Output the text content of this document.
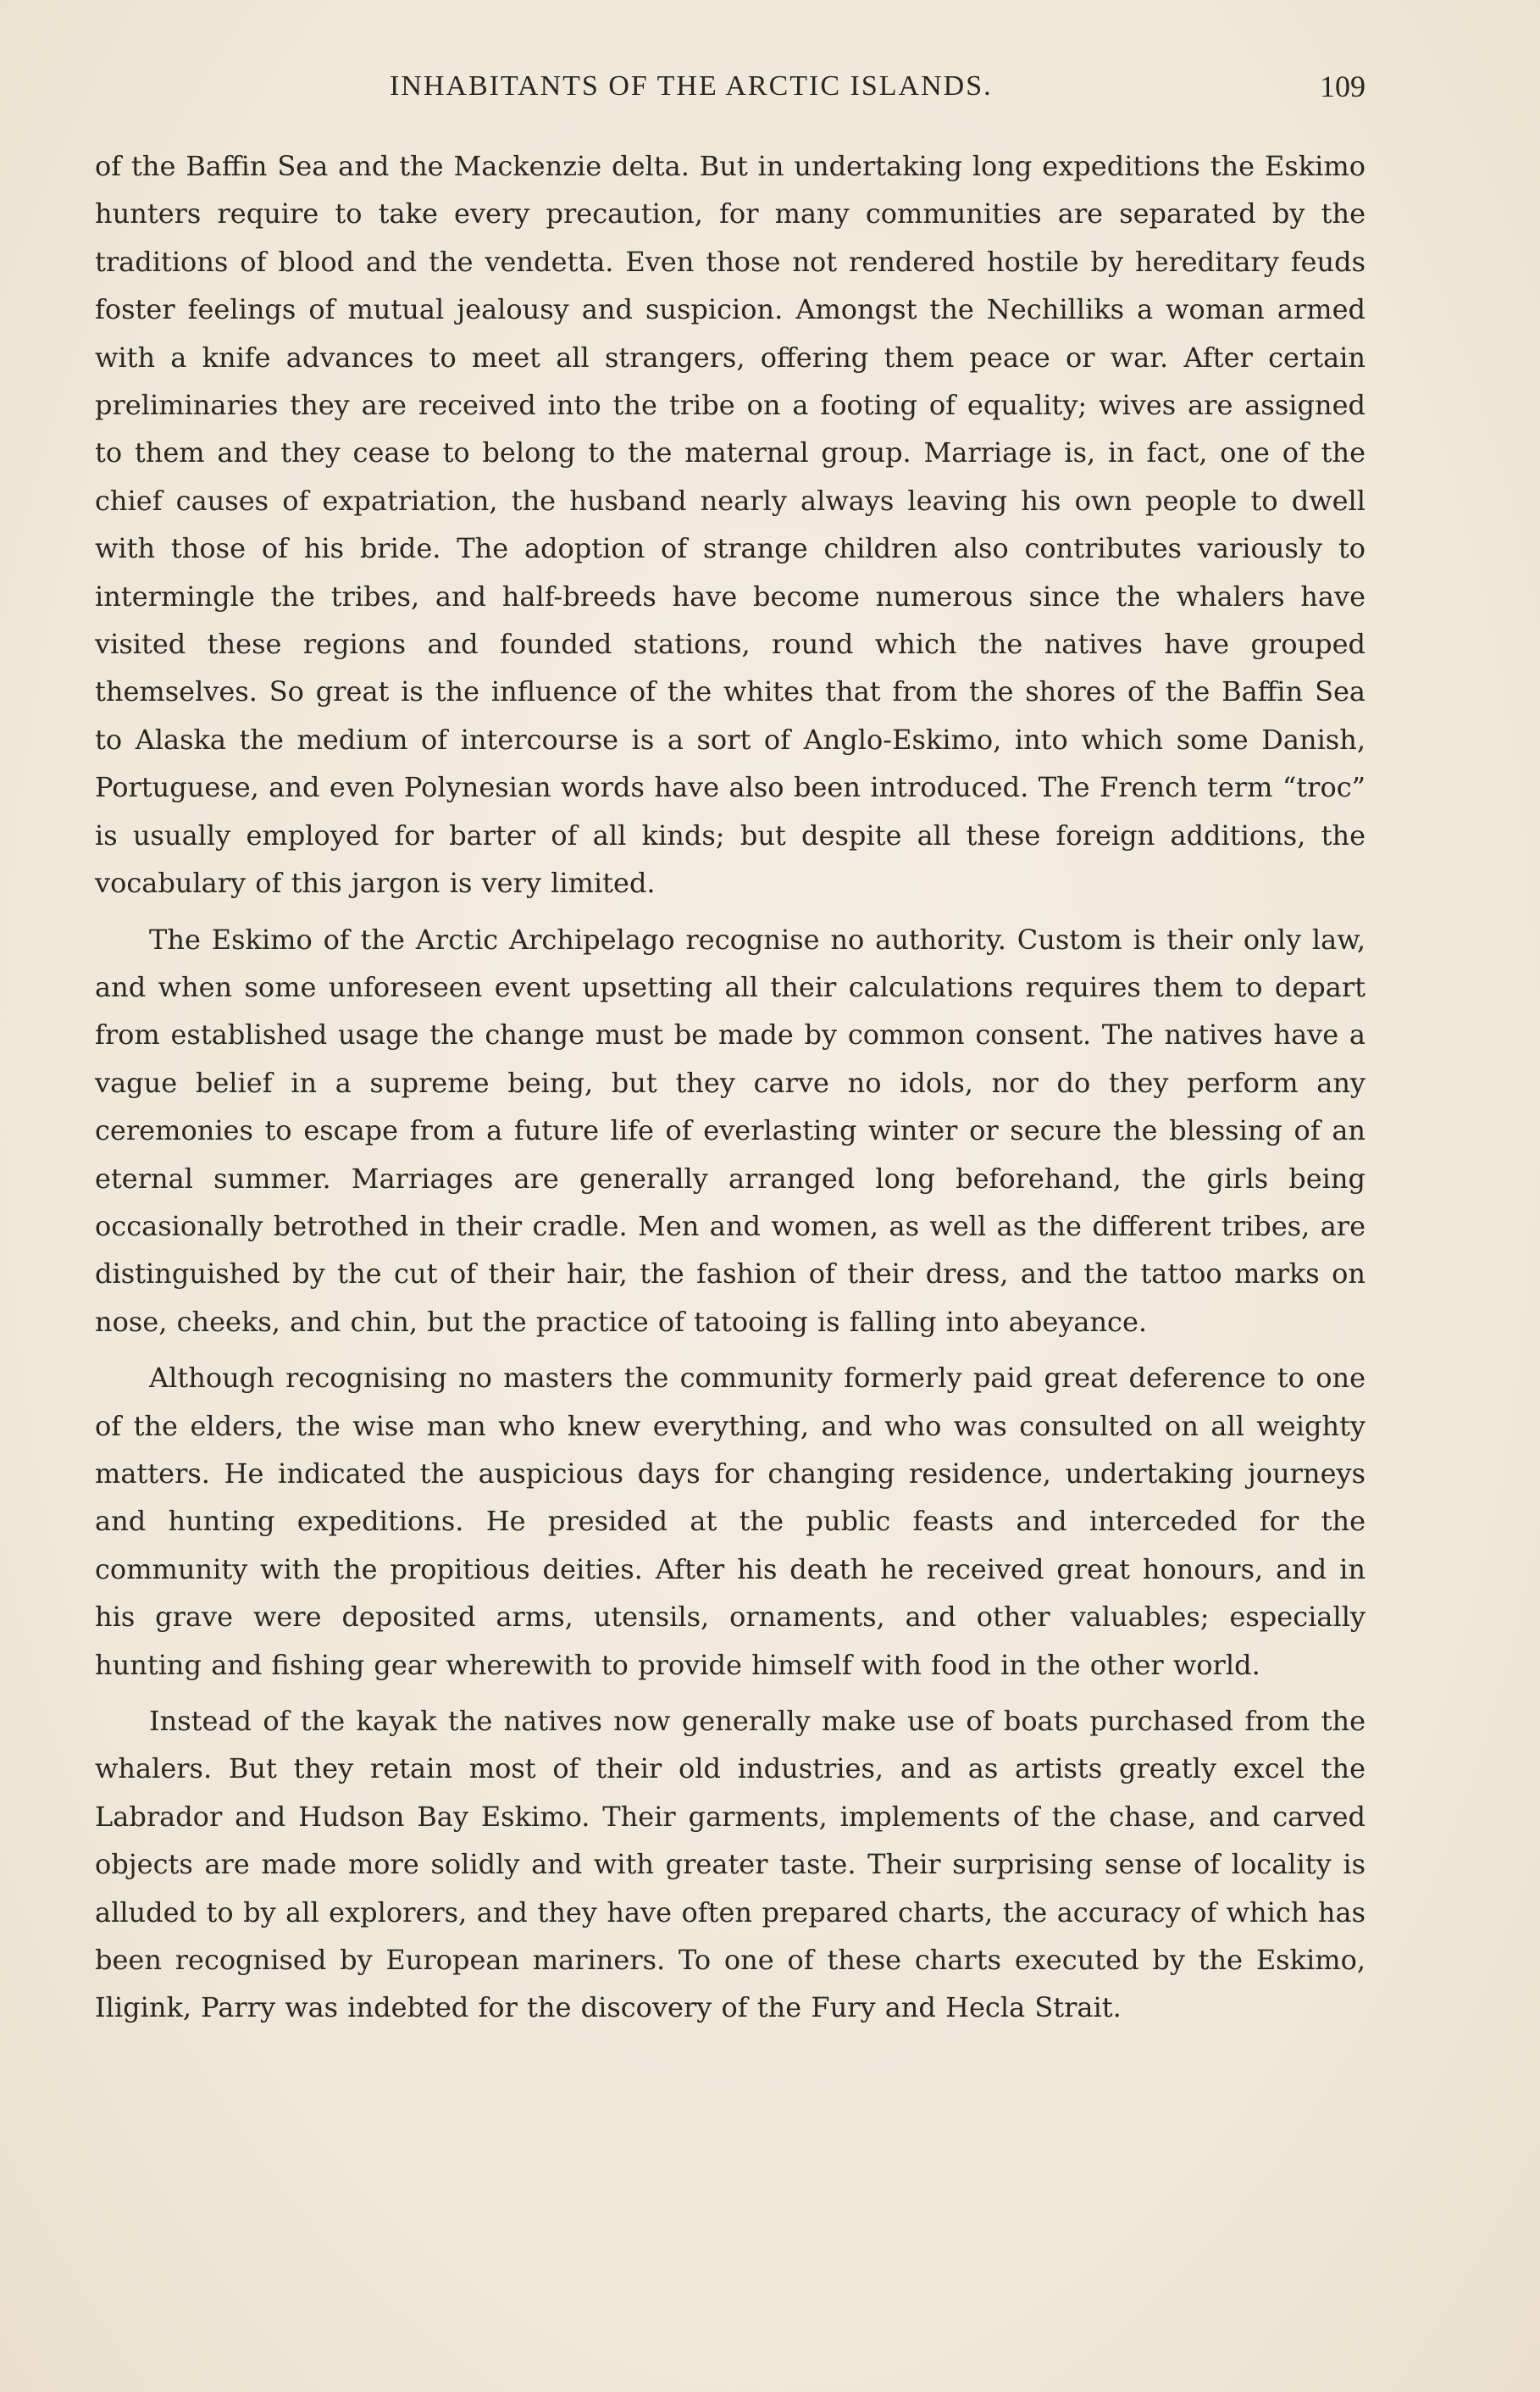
INHABITANTS OF THE ARCTIC ISLANDS.	109

of the Baffin Sea and the Mackenzie delta. But in undertaking long expeditions the Eskimo hunters require to take every precaution, for many communities are separated by the traditions of blood and the vendetta. Even those not rendered hostile by hereditary feuds foster feelings of mutual jealousy and suspicion. Amongst the Nechilliks a woman armed with a knife advances to meet all strangers, offering them peace or war. After certain preliminaries they are received into the tribe on a footing of equality; wives are assigned to them and they cease to belong to the maternal group. Marriage is, in fact, one of the chief causes of expatriation, the husband nearly always leaving his own people to dwell with those of his bride. The adoption of strange children also contributes variously to intermingle the tribes, and half-breeds have become numerous since the whalers have visited these regions and founded stations, round which the natives have grouped themselves. So great is the influence of the whites that from the shores of the Baffin Sea to Alaska the medium of intercourse is a sort of Anglo-Eskimo, into which some Danish, Portuguese, and even Polynesian words have also been introduced. The French term “troc” is usually employed for barter of all kinds; but despite all these foreign additions, the vocabulary of this jargon is very limited.

The Eskimo of the Arctic Archipelago recognise no authority. Custom is their only law, and when some unforeseen event upsetting all their calculations requires them to depart from established usage the change must be made by common consent. The natives have a vague belief in a supreme being, but they carve no idols, nor do they perform any ceremonies to escape from a future life of everlasting winter or secure the blessing of an eternal summer. Marriages are generally arranged long beforehand, the girls being occasionally betrothed in their cradle. Men and women, as well as the different tribes, are distinguished by the cut of their hair, the fashion of their dress, and the tattoo marks on nose, cheeks, and chin, but the practice of tatooing is falling into abeyance.

Although recognising no masters the community formerly paid great deference to one of the elders, the wise man who knew everything, and who was consulted on all weighty matters. He indicated the auspicious days for changing residence, undertaking journeys and hunting expeditions. He presided at the public feasts and interceded for the community with the propitious deities. After his death he received great honours, and in his grave were deposited arms, utensils, ornaments, and other valuables; especially hunting and fishing gear wherewith to provide himself with food in the other world.

Instead of the kayak the natives now generally make use of boats purchased from the whalers. But they retain most of their old industries, and as artists greatly excel the Labrador and Hudson Bay Eskimo. Their garments, implements of the chase, and carved objects are made more solidly and with greater taste. Their surprising sense of locality is alluded to by all explorers, and they have often prepared charts, the accuracy of which has been recognised by European mariners. To one of these charts executed by the Eskimo, Iligink, Parry was indebted for the discovery of the Fury and Hecla Strait.
